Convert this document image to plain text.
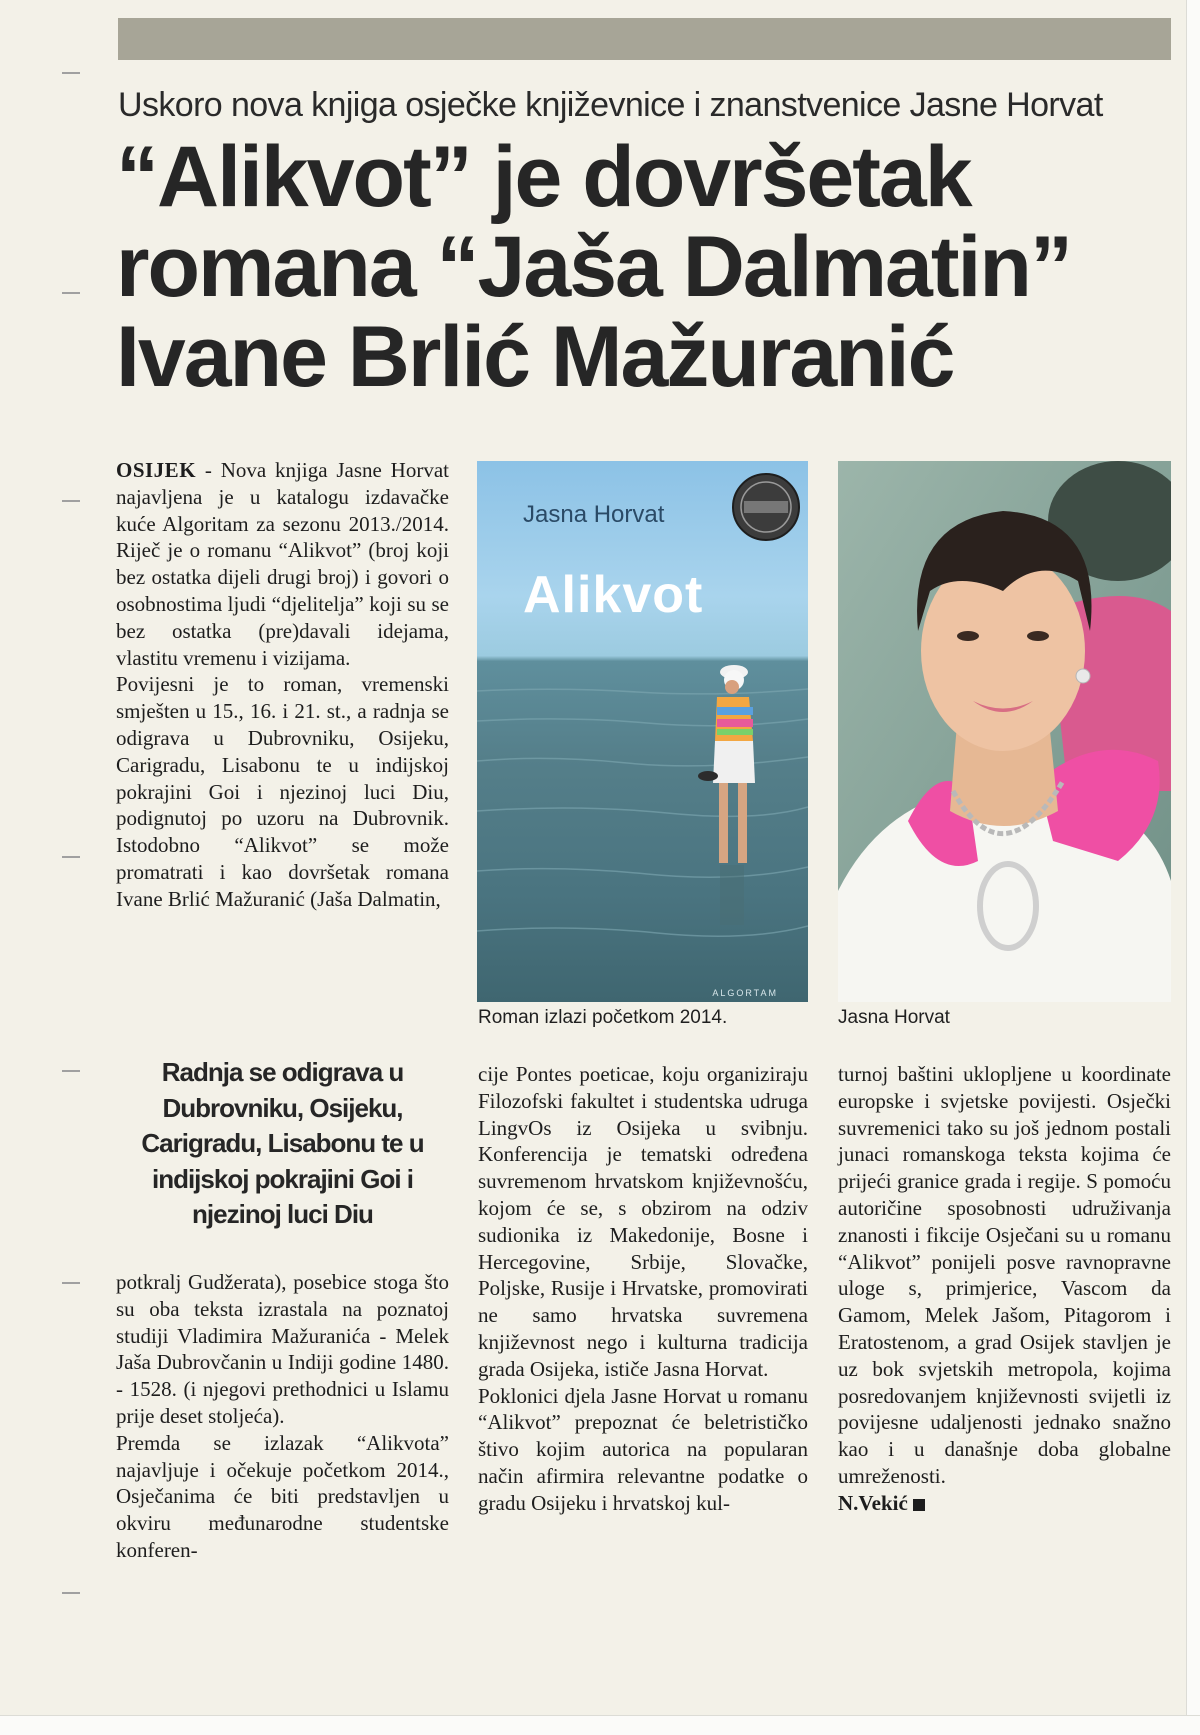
Uskoro nova knjiga osječke književnice i znanstvenice Jasne Horvat
“Alikvot” je dovršetak
romana “Jaša Dalmatin”
Ivane Brlić Mažuranić

OSIJEK - Nova knjiga Jasne Horvat najavljena je u katalogu izdavačke kuće Algoritam za sezonu 2013./2014. Riječ je o romanu “Alikvot” (broj koji bez ostatka dijeli drugi broj) i govori o osobnostima ljudi “djelitelja” koji su se bez ostatka (pre)davali idejama, vlastitu vremenu i vizijama.

Povijesni je to roman, vremenski smješten u 15., 16. i 21. st., a radnja se odigrava u Dubrovniku, Osijeku, Carigradu, Lisabonu te u indijskoj pokrajini Goi i njezinoj luci Diu, podignutoj po uzoru na Dubrovnik. Istodobno “Alikvot” se može promatrati i kao dovršetak romana Ivane Brlić Mažuranić (Jaša Dalmatin,

Radnja se odigrava u Dubrovniku, Osijeku, Carigradu, Lisabonu te u indijskoj pokrajini Goi i njezinoj luci Diu

potkralj Gudžerata), posebice stoga što su oba teksta izrastala na poznatoj studiji Vladimira Mažuranića - Melek Jaša Dubrovčanin u Indiji godine 1480. - 1528. (i njegovi prethodnici u Islamu prije deset stoljeća).

Premda se izlazak “Alikvota” najavljuje i očekuje početkom 2014., Osječanima će biti predstavljen u okviru međunarodne studentske konferen-

cije Pontes poeticae, koju organiziraju Filozofski fakultet i studentska udruga LingvOs iz Osijeka u svibnju. Konferencija je tematski određena suvremenom hrvatskom književnošću, kojom će se, s obzirom na odziv sudionika iz Makedonije, Bosne i Hercegovine, Srbije, Slovačke, Poljske, Rusije i Hrvatske, promovirati ne samo hrvatska suvremena književnost nego i kulturna tradicija grada Osijeka, ističe Jasna Horvat.

Poklonici djela Jasne Horvat u romanu “Alikvot” prepoznat će beletrističko štivo kojim autorica na popularan način afirmira relevantne podatke o gradu Osijeku i hrvatskoj kul-

turnoj baštini uklopljene u koordinate europske i svjetske povijesti. Osječki suvremenici tako su još jednom postali junaci romanskoga teksta kojima će prijeći granice grada i regije. S pomoću autoričine sposobnosti udruživanja znanosti i fikcije Osječani su u romanu “Alikvot” ponijeli posve ravnopravne uloge s, primjerice, Vascom da Gamom, Melek Jašom, Pitagorom i Eratostenom, a grad Osijek stavljen je uz bok svjetskih metropola, kojima posredovanjem književnosti svijetli iz povijesne udaljenosti jednako snažno kao i u današnje doba globalne umreženosti.

N.Vekić

Jasna Horvat
Alikvot
ALGORTAM
Roman izlazi početkom 2014.	Jasna Horvat
